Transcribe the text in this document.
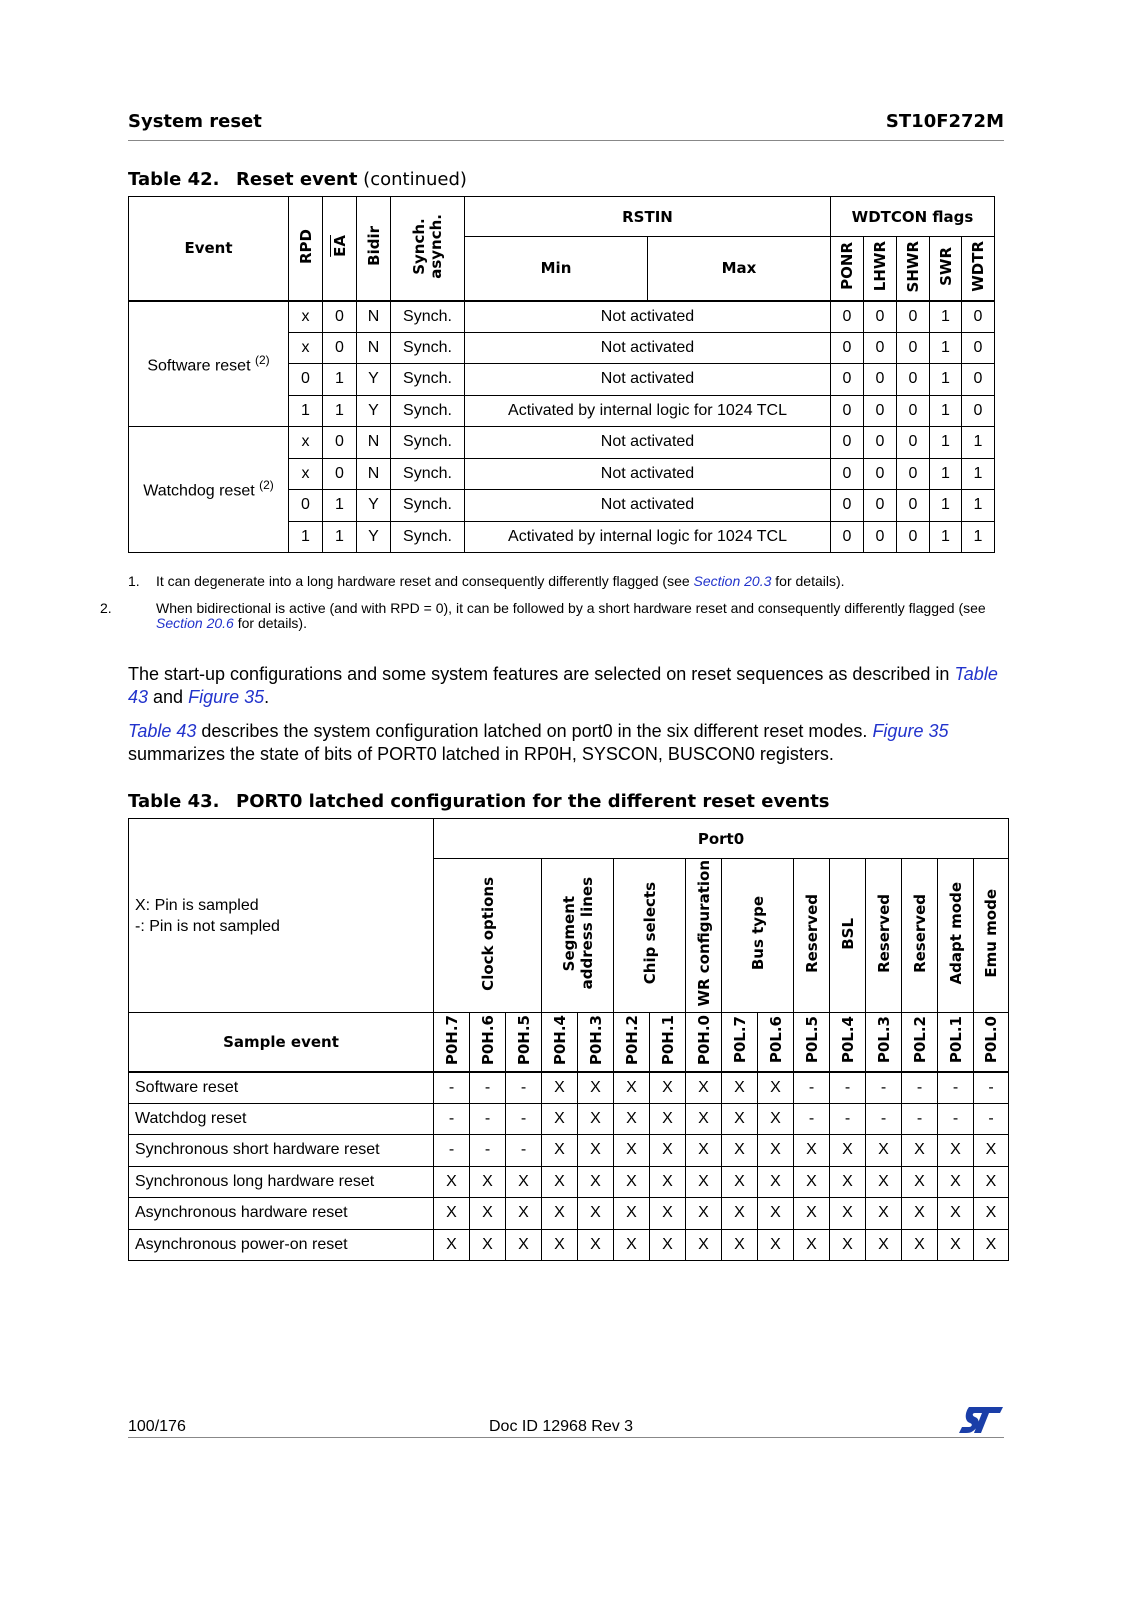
System reset	ST10F272M
Table 42. Reset event (continued)
Event	RPD	EA	Bidir	Synch.
asynch.	RSTIN		WDTCON flags				
					Min	Max	PONR	LHWR	SHWR	SWR	WDTR
Software reset $^{(2)}$	x	0	N	Synch.	Not activated		0	0	0	1	0
	x	0	N	Synch.	Not activated		0	0	0	1	0
	0	1	Y	Synch.	Not activated		0	0	0	1	0
	1	1	Y	Synch.	Activated by internal logic for 1024 TCL		0	0	0	1	0
Watchdog reset $^{(2)}$	x	0	N	Synch.	Not activated		0	0	0	1	1
	x	0	N	Synch.	Not activated		0	0	0	1	1
	0	1	Y	Synch.	Not activated		0	0	0	1	1
	1	1	Y	Synch.	Activated by internal logic for 1024 TCL		0	0	0	1	1
1. It can degenerate into a long hardware reset and consequently differently flagged (see Section 20.3 for details).
2.	When bidirectional is active (and with RPD = 0), it can be followed by a short hardware reset and consequently differently flagged (see Section 20.6 for details).
The start-up configurations and some system features are selected on reset sequences as described in Table 43 and Figure 35.
Table 43 describes the system configuration latched on port0 in the six different reset modes. Figure 35 summarizes the state of bits of PORT0 latched in RP0H, SYSCON, BUSCON0 registers.
Table 43. PORT0 latched configuration for the different reset events
X: Pin is sampled
-: Pin is not sampled	Port0															
	Clock options			Segment
address lines		Chip selects		WR configuration	Bus type		Reserved	BSL	Reserved	Reserved	Adapt mode	Emu mode
Sample event	P0H.7	P0H.6	P0H.5	P0H.4	P0H.3	P0H.2	P0H.1	P0H.0	P0L.7	P0L.6	P0L.5	P0L.4	P0L.3	P0L.2	P0L.1	P0L.0
Software reset	-	-	-	X	X	X	X	X	X	X	-	-	-	-	-	-
Watchdog reset	-	-	-	X	X	X	X	X	X	X	-	-	-	-	-	-
Synchronous short hardware reset	-	-	-	X	X	X	X	X	X	X	X	X	X	X	X	X
Synchronous long hardware reset	X	X	X	X	X	X	X	X	X	X	X	X	X	X	X	X
Asynchronous hardware reset	X	X	X	X	X	X	X	X	X	X	X	X	X	X	X	X
Asynchronous power-on reset	X	X	X	X	X	X	X	X	X	X	X	X	X	X	X	X
100/176	Doc ID 12968 Rev 3
